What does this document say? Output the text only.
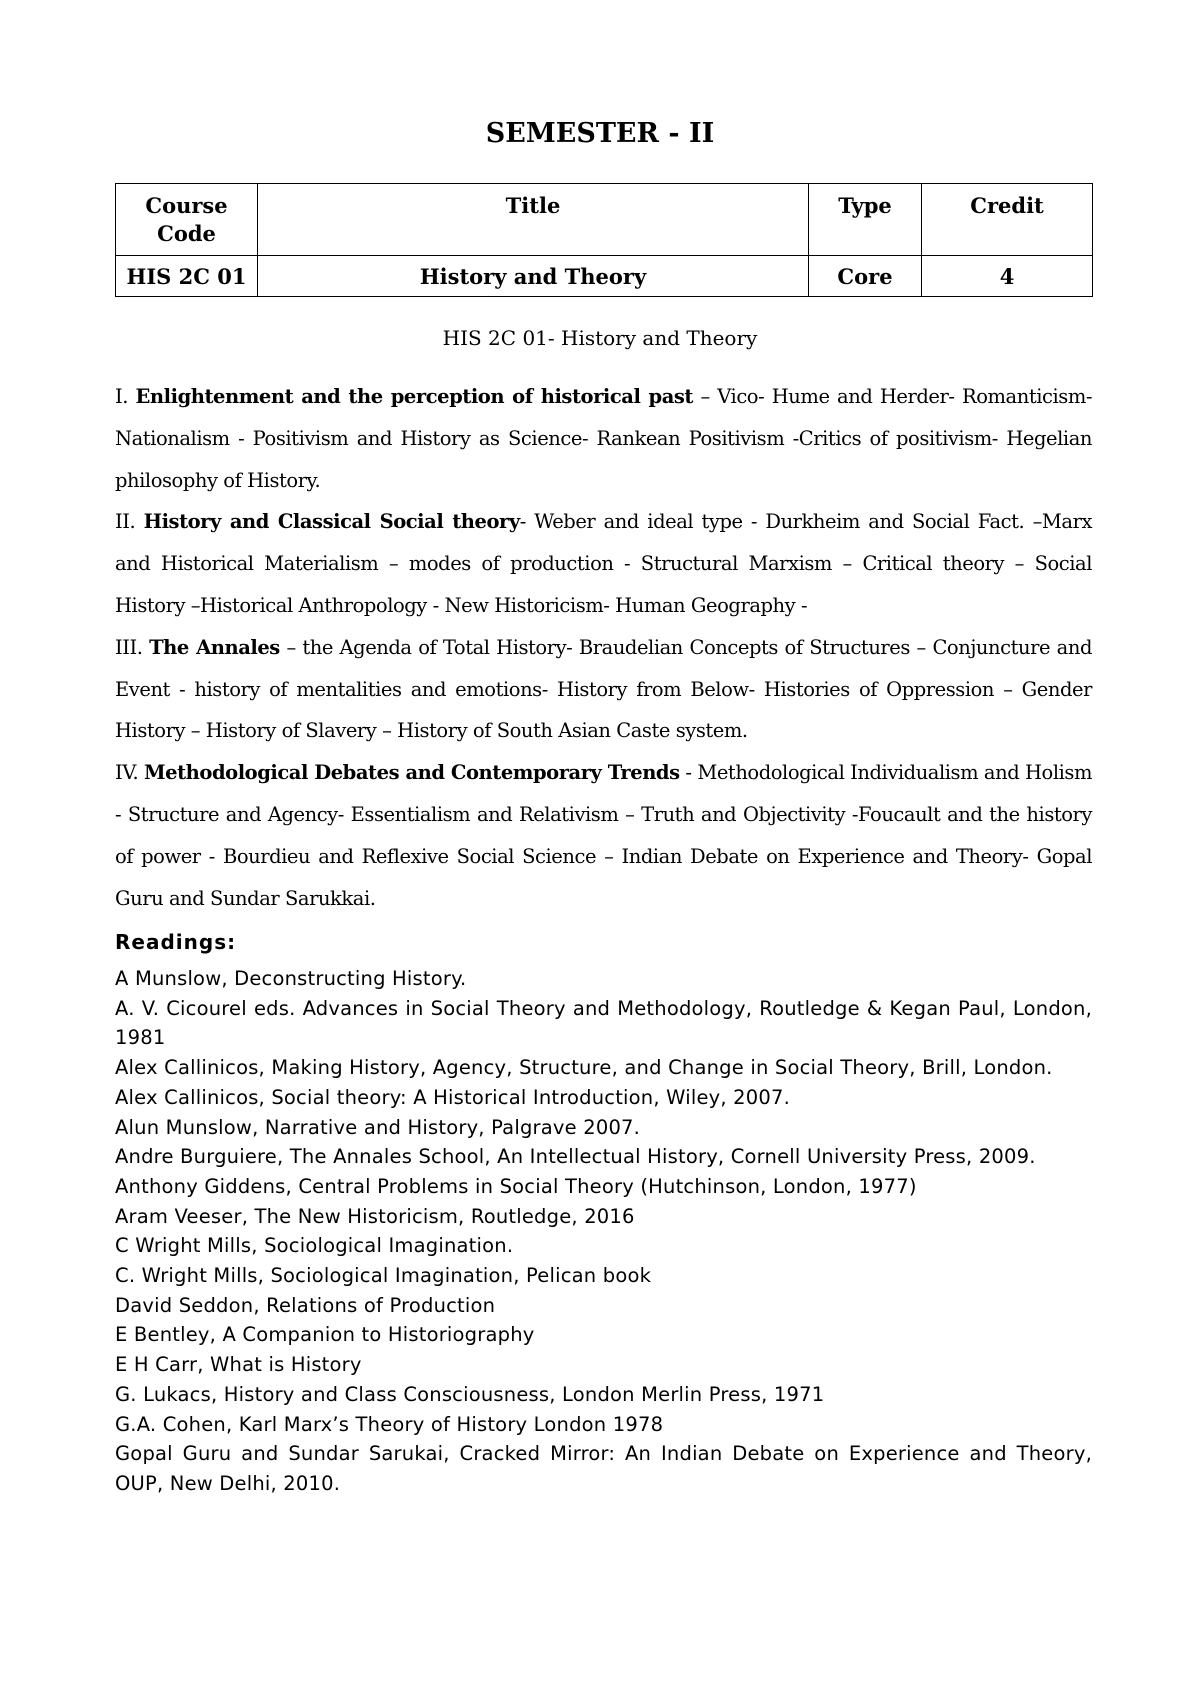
SEMESTER - II
Course Code	Title	Type	Credit
HIS 2C 01	History and Theory	Core	4
HIS 2C 01- History and Theory

I. Enlightenment and the perception of historical past – Vico- Hume and Herder- Romanticism- Nationalism - Positivism and History as Science- Rankean Positivism -Critics of positivism- Hegelian philosophy of History.

II. History and Classical Social theory- Weber and ideal type - Durkheim and Social Fact. –Marx and Historical Materialism – modes of production - Structural Marxism – Critical theory – Social History –Historical Anthropology - New Historicism- Human Geography -

III. The Annales – the Agenda of Total History- Braudelian Concepts of Structures – Conjuncture and Event - history of mentalities and emotions- History from Below- Histories of Oppression – Gender History – History of Slavery – History of South Asian Caste system.

IV. Methodological Debates and Contemporary Trends - Methodological Individualism and Holism - Structure and Agency- Essentialism and Relativism – Truth and Objectivity -Foucault and the history of power - Bourdieu and Reflexive Social Science – Indian Debate on Experience and Theory- Gopal Guru and Sundar Sarukkai.

Readings:
A Munslow, Deconstructing History.
A. V. Cicourel eds. Advances in Social Theory and Methodology, Routledge & Kegan Paul, London, 1981
Alex Callinicos, Making History, Agency, Structure, and Change in Social Theory, Brill, London.
Alex Callinicos, Social theory: A Historical Introduction, Wiley, 2007.
Alun Munslow, Narrative and History, Palgrave 2007.
Andre Burguiere, The Annales School, An Intellectual History, Cornell University Press, 2009.
Anthony Giddens, Central Problems in Social Theory (Hutchinson, London, 1977)
Aram Veeser, The New Historicism, Routledge, 2016
C Wright Mills, Sociological Imagination.
C. Wright Mills, Sociological Imagination, Pelican book
David Seddon, Relations of Production
E Bentley, A Companion to Historiography
E H Carr, What is History
G. Lukacs, History and Class Consciousness, London Merlin Press, 1971
G.A. Cohen, Karl Marx’s Theory of History London 1978
Gopal Guru and Sundar Sarukai, Cracked Mirror: An Indian Debate on Experience and Theory, OUP, New Delhi, 2010.
